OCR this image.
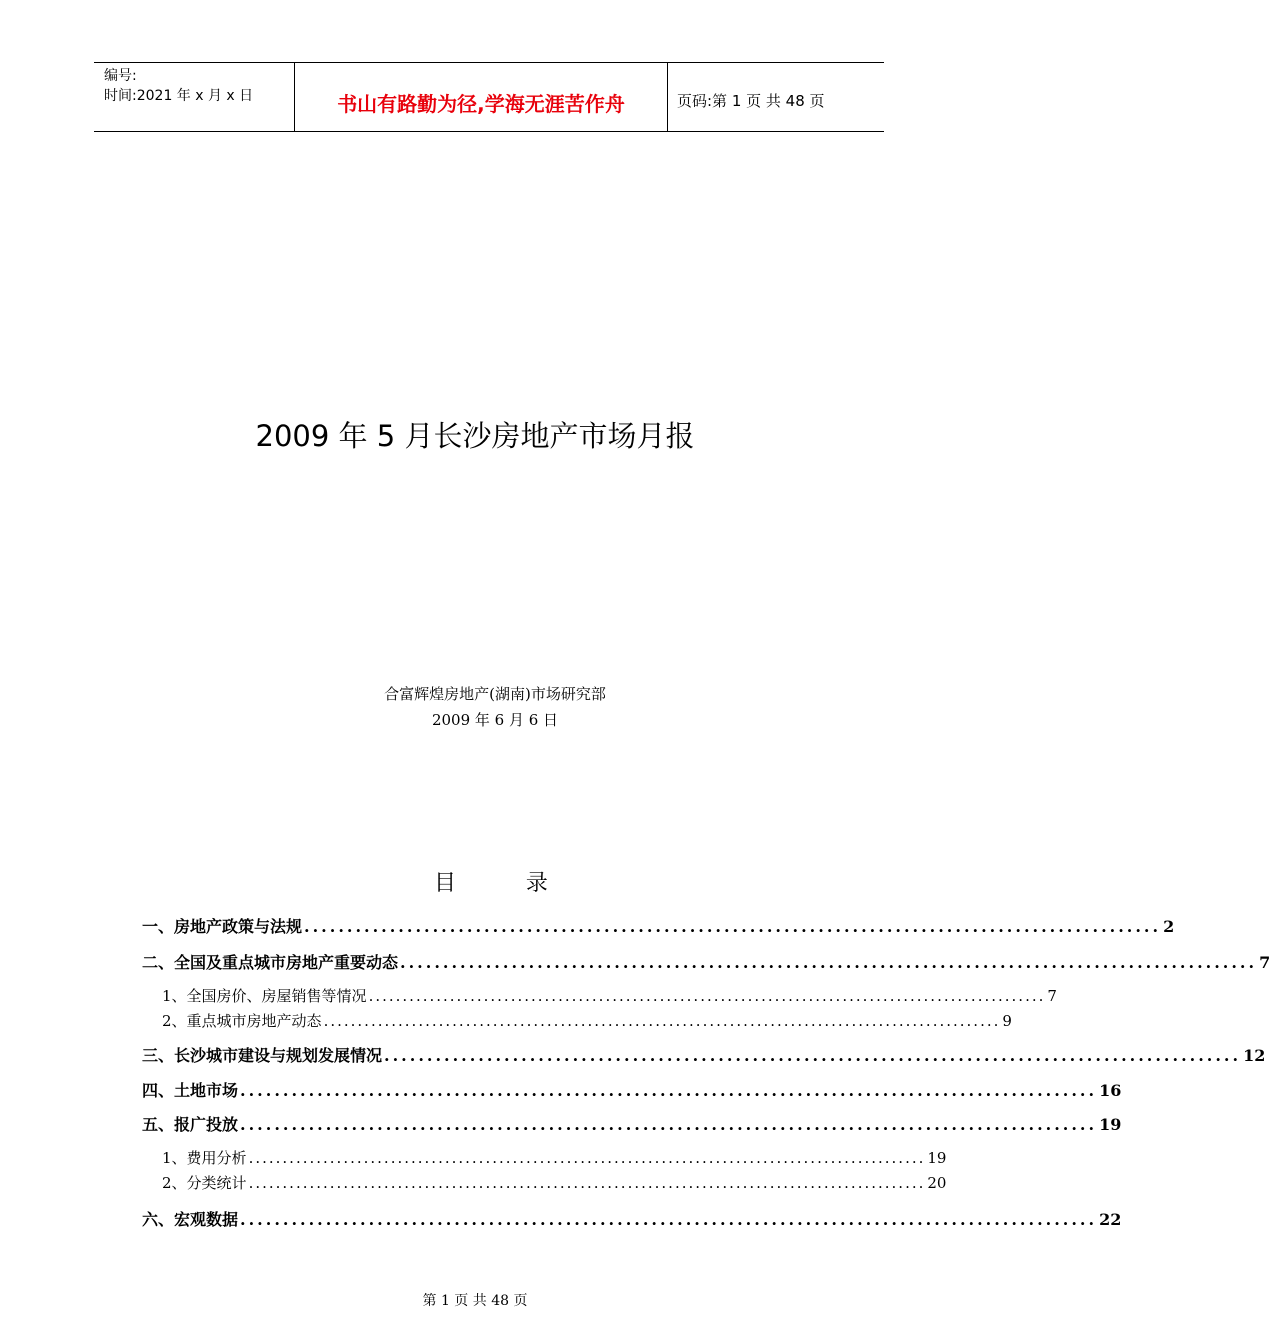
编号:
时间:2021 年 x 月 x 日	书山有路勤为径,学海无涯苦作舟	页码:第 1 页 共 48 页
2009 年 5 月长沙房地产市场月报
合富辉煌房地产(湖南)市场研究部
2009 年 6 月 6 日
目          录
一、 房地产政策与法规 .................................................................................................... 2
二、 全国及重点城市房地产重要动态 .................................................................................................... 7
1、 全国房价、房屋销售等情况 .................................................................................................... 7
2、 重点城市房地产动态 .................................................................................................... 9
三、 长沙城市建设与规划发展情况 .................................................................................................... 12
四、 土地市场 .................................................................................................... 16
五、 报广投放 .................................................................................................... 19
1、 费用分析 .................................................................................................... 19
2、 分类统计 .................................................................................................... 20
六、 宏观数据 .................................................................................................... 22
第 1 页 共 48 页
